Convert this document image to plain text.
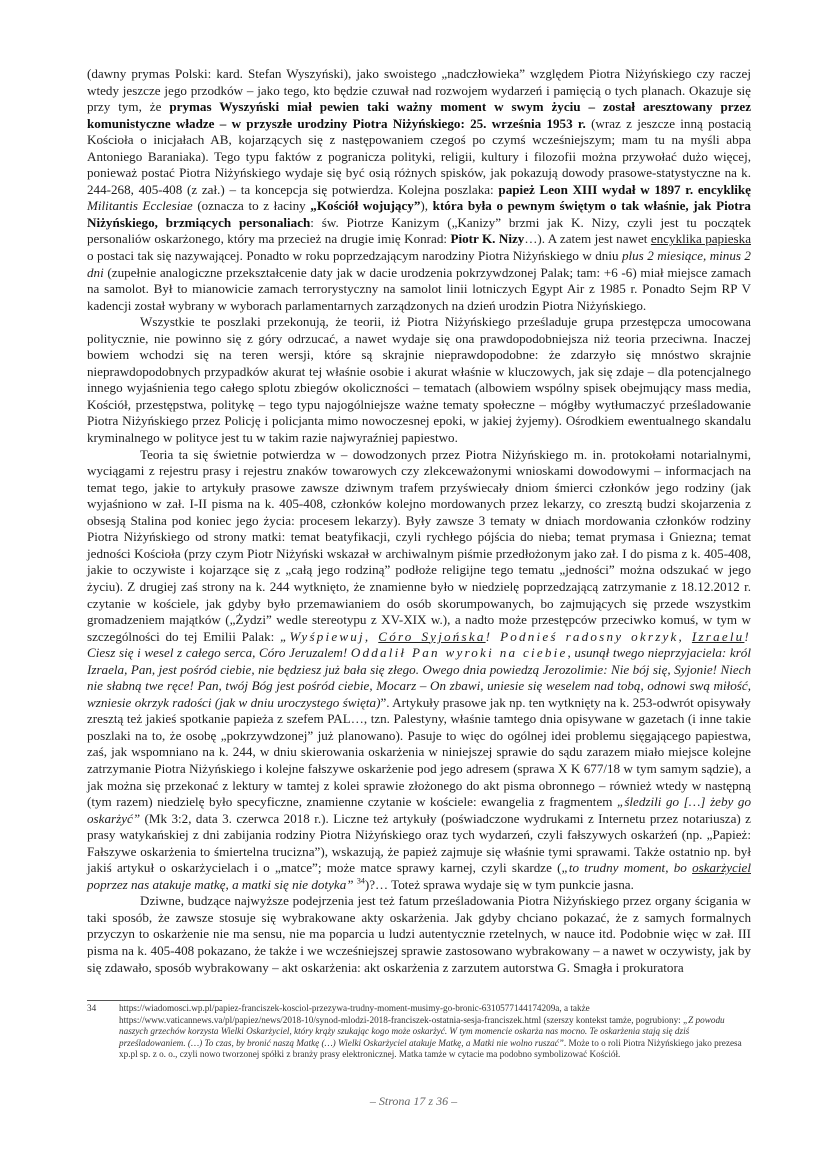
(dawny prymas Polski: kard. Stefan Wyszyński), jako swoistego „nadczłowieka” względem Piotra Niżyńskiego czy raczej wtedy jeszcze jego przodków – jako tego, kto będzie czuwał nad rozwojem wydarzeń i pamięcią o tych planach. Okazuje się przy tym, że prymas Wyszyński miał pewien taki ważny moment w swym życiu – został aresztowany przez komunistyczne władze – w przyszłe urodziny Piotra Niżyńskiego: 25. września 1953 r. (wraz z jeszcze inną postacią Kościoła o inicjałach AB, kojarzących się z następowaniem czegoś po czymś wcześniejszym; mam tu na myśli abpa Antoniego Baraniaka). Tego typu faktów z pogranicza polityki, religii, kultury i filozofii można przywołać dużo więcej, ponieważ postać Piotra Niżyńskiego wydaje się być osią różnych spisków, jak pokazują dowody prasowe-statystyczne na k. 244-268, 405-408 (z zał.) – ta koncepcja się potwierdza. Kolejna poszlaka: papież Leon XIII wydał w 1897 r. encyklikę Militantis Ecclesiae (oznacza to z łaciny „Kościół wojujący”), która była o pewnym świętym o tak właśnie, jak Piotra Niżyńskiego, brzmiących personaliach: św. Piotrze Kanizym („Kanizy” brzmi jak K. Nizy, czyli jest tu początek personaliów oskarżonego, który ma przecież na drugie imię Konrad: Piotr K. Nizy…). A zatem jest nawet encyklika papieska o postaci tak się nazywającej. Ponadto w roku poprzedzającym narodziny Piotra Niżyńskiego w dniu plus 2 miesiące, minus 2 dni (zupełnie analogiczne przekształcenie daty jak w dacie urodzenia pokrzywdzonej Palak; tam: +6 -6) miał miejsce zamach na samolot. Był to mianowicie zamach terrorystyczny na samolot linii lotniczych Egypt Air z 1985 r. Ponadto Sejm RP V kadencji został wybrany w wyborach parlamentarnych zarządzonych na dzień urodzin Piotra Niżyńskiego.

Wszystkie te poszlaki przekonują, że teorii, iż Piotra Niżyńskiego prześladuje grupa przestępcza umocowana politycznie, nie powinno się z góry odrzucać, a nawet wydaje się ona prawdopodobniejsza niż teoria przeciwna. Inaczej bowiem wchodzi się na teren wersji, które są skrajnie nieprawdopodobne: że zdarzyło się mnóstwo skrajnie nieprawdopodobnych przypadków akurat tej właśnie osobie i akurat właśnie w kluczowych, jak się zdaje – dla potencjalnego innego wyjaśnienia tego całego splotu zbiegów okoliczności – tematach (albowiem wspólny spisek obejmujący mass media, Kościół, przestępstwa, politykę – tego typu najogólniejsze ważne tematy społeczne – mógłby wytłumaczyć prześladowanie Piotra Niżyńskiego przez Policję i policjanta mimo nowoczesnej epoki, w jakiej żyjemy). Ośrodkiem ewentualnego skandalu kryminalnego w polityce jest tu w takim razie najwyraźniej papiestwo.

Teoria ta się świetnie potwierdza w – dowodzonych przez Piotra Niżyńskiego m. in. protokołami notarialnymi, wyciągami z rejestru prasy i rejestru znaków towarowych czy zlekceważonymi wnioskami dowodowymi – informacjach na temat tego, jakie to artykuły prasowe zawsze dziwnym trafem przyświecały dniom śmierci członków jego rodziny (jak wyjaśniono w zał. I-II pisma na k. 405-408, członków kolejno mordowanych przez lekarzy, co zresztą budzi skojarzenia z obsesją Stalina pod koniec jego życia: procesem lekarzy). Były zawsze 3 tematy w dniach mordowania członków rodziny Piotra Niżyńskiego od strony matki: temat beatyfikacji, czyli rychłego pójścia do nieba; temat prymasa i Gniezna; temat jedności Kościoła (przy czym Piotr Niżyński wskazał w archiwalnym piśmie przedłożonym jako zał. I do pisma z k. 405-408, jakie to oczywiste i kojarzące się z „całą jego rodziną” podłoże religijne tego tematu „jedności” można odszukać w jego życiu). Z drugiej zaś strony na k. 244 wytknięto, że znamienne było w niedzielę poprzedzającą zatrzymanie z 18.12.2012 r. czytanie w kościele, jak gdyby było przemawianiem do osób skorumpowanych, bo zajmujących się przede wszystkim gromadzeniem majątków („Żydzi” wedle stereotypu z XV-XIX w.), a nadto może przestępców przeciwko komuś, w tym w szczególności do tej Emilii Palak: „Wyśpiewuj, Córo Syjońska! Podnieś radosny okrzyk, Izraelu! Ciesz się i wesel z całego serca, Córo Jeruzalem! Oddalił Pan wyroki na ciebie, usunął twego nieprzyjaciela: król Izraela, Pan, jest pośród ciebie, nie będziesz już bała się złego. Owego dnia powiedzą Jerozolimie: Nie bój się, Syjonie! Niech nie słabną twe ręce! Pan, twój Bóg jest pośród ciebie, Mocarz – On zbawi, uniesie się weselem nad tobą, odnowi swą miłość, wzniesie okrzyk radości (jak w dniu uroczystego święta)”. Artykuły prasowe jak np. ten wytknięty na k. 253-odwrót opisywały zresztą też jakieś spotkanie papieża z szefem PAL…, tzn. Palestyny, właśnie tamtego dnia opisywane w gazetach (i inne takie poszlaki na to, że osobę „pokrzywdzonej” już planowano). Pasuje to więc do ogólnej idei problemu sięgającego papiestwa, zaś, jak wspomniano na k. 244, w dniu skierowania oskarżenia w niniejszej sprawie do sądu zarazem miało miejsce kolejne zatrzymanie Piotra Niżyńskiego i kolejne fałszywe oskarżenie pod jego adresem (sprawa X K 677/18 w tym samym sądzie), a jak można się przekonać z lektury w tamtej z kolei sprawie złożonego do akt pisma obronnego – również wtedy w następną (tym razem) niedzielę było specyficzne, znamienne czytanie w kościele: ewangelia z fragmentem „śledzili go […] żeby go oskarżyć” (Mk 3:2, data 3. czerwca 2018 r.). Liczne też artykuły (poświadczone wydrukami z Internetu przez notariusza) z prasy watykańskiej z dni zabijania rodziny Piotra Niżyńskiego oraz tych wydarzeń, czyli fałszywych oskarżeń (np. „Papież: Fałszywe oskarżenia to śmiertelna trucizna”), wskazują, że papież zajmuje się właśnie tymi sprawami. Także ostatnio np. był jakiś artykuł o oskarżycielach i o „matce”; może matce sprawy karnej, czyli skardze („to trudny moment, bo oskarżyciel poprzez nas atakuje matkę, a matki się nie dotyka” $^{34}$)?… Toteż sprawa wydaje się w tym punkcie jasna.

Dziwne, budzące najwyższe podejrzenia jest też fatum prześladowania Piotra Niżyńskiego przez organy ścigania w taki sposób, że zawsze stosuje się wybrakowane akty oskarżenia. Jak gdyby chciano pokazać, że z samych formalnych przyczyn to oskarżenie nie ma sensu, nie ma poparcia u ludzi autentycznie rzetelnych, w nauce itd. Podobnie więc w zał. III pisma na k. 405-408 pokazano, że także i we wcześniejszej sprawie zastosowano wybrakowany – a nawet w oczywisty, jak by się zdawało, sposób wybrakowany – akt oskarżenia: akt oskarżenia z zarzutem autorstwa G. Smagła i prokuratora

34 https://wiadomosci.wp.pl/papiez-franciszek-kosciol-przezywa-trudny-moment-musimy-go-bronic-6310577144174209a, a także https://www.vaticannews.va/pl/papiez/news/2018-10/synod-mlodzi-2018-franciszek-ostatnia-sesja-franciszek.html (szerszy kontekst tamże, pogrubiony: „Z powodu naszych grzechów korzysta Wielki Oskarżyciel, który krąży szukając kogo może oskarżyć. W tym momencie oskarża nas mocno. Te oskarżenia stają się dziś prześladowaniem. (…) To czas, by bronić naszą Matkę (…) Wielki Oskarżyciel atakuje Matkę, a Matki nie wolno ruszać”. Może to o roli Piotra Niżyńskiego jako prezesa xp.pl sp. z o. o., czyli nowo tworzonej spółki z branży prasy elektronicznej. Matka tamże w cytacie ma podobno symbolizować Kościół.
– Strona 17 z 36 –
